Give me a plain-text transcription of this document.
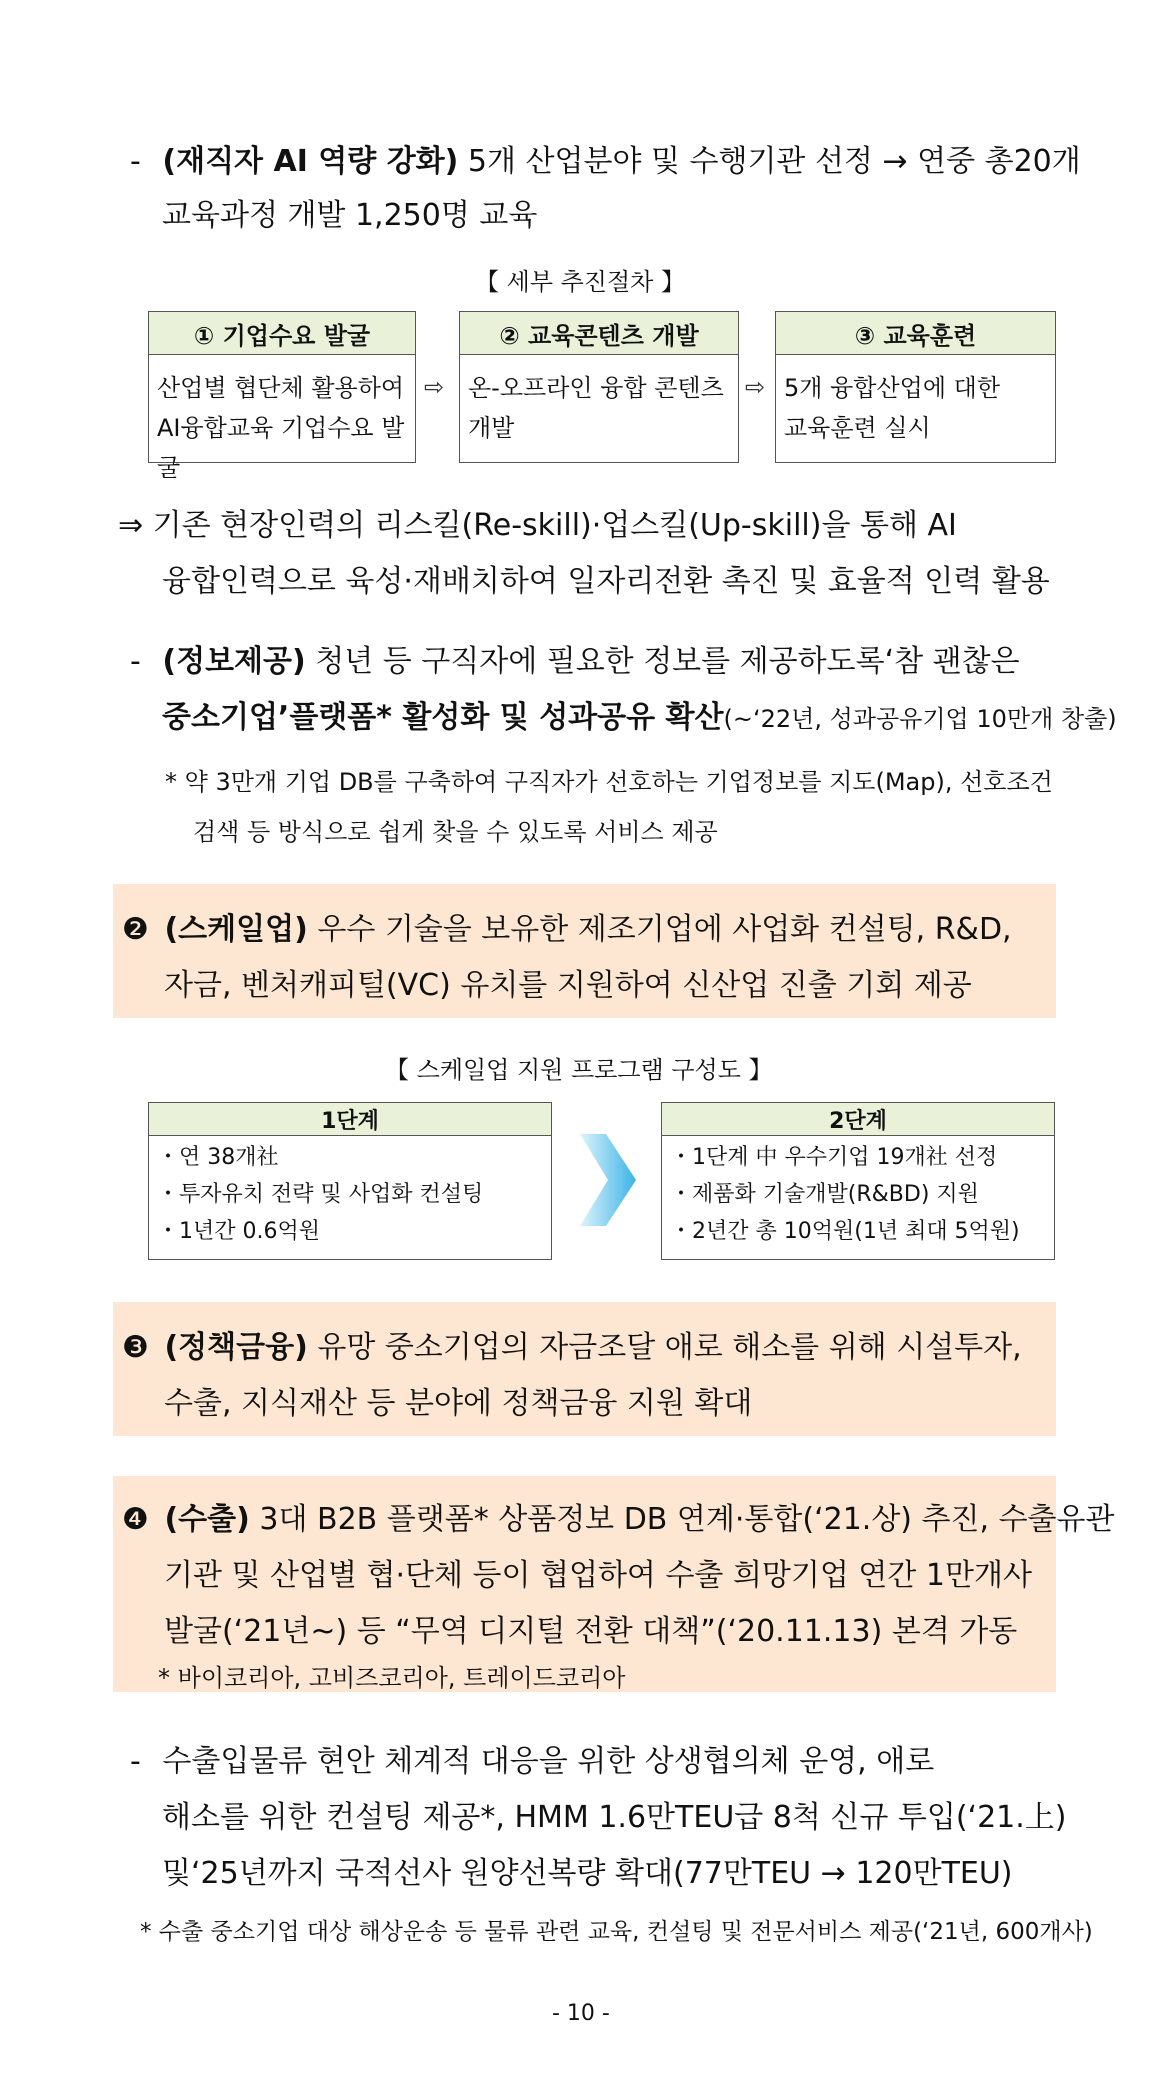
- (재직자 AI 역량 강화) 5개 산업분야 및 수행기관 선정 → 연중 총20개
교육과정 개발 1,250명 교육
【 세부 추진절차 】
① 기업수요 발굴
산업별 협단체 활용하여
AI융합교육 기업수요 발굴
⇨
② 교육콘텐츠 개발
온-오프라인 융합 콘텐츠
개발
⇨
③ 교육훈련
5개 융합산업에 대한
교육훈련 실시
⇒ 기존 현장인력의 리스킬(Re-skill)·업스킬(Up-skill)을 통해 AI
융합인력으로 육성·재배치하여 일자리전환 촉진 및 효율적 인력 활용
- (정보제공) 청년 등 구직자에 필요한 정보를 제공하도록‘참 괜찮은
중소기업’플랫폼* 활성화 및 성과공유 확산(~‘22년, 성과공유기업 10만개 창출)
* 약 3만개 기업 DB를 구축하여 구직자가 선호하는 기업정보를 지도(Map), 선호조건
검색 등 방식으로 쉽게 찾을 수 있도록 서비스 제공
❷ (스케일업) 우수 기술을 보유한 제조기업에 사업화 컨설팅, R&D,
자금, 벤처캐피털(VC) 유치를 지원하여 신산업 진출 기회 제공
【 스케일업 지원 프로그램 구성도 】
1단계
・연 38개社
・투자유치 전략 및 사업화 컨설팅
・1년간 0.6억원
2단계
・1단계 中 우수기업 19개社 선정
・제품화 기술개발(R&BD) 지원
・2년간 총 10억원(1년 최대 5억원)
❸ (정책금융) 유망 중소기업의 자금조달 애로 해소를 위해 시설투자,
수출, 지식재산 등 분야에 정책금융 지원 확대
❹ (수출) 3대 B2B 플랫폼* 상품정보 DB 연계·통합(‘21.상) 추진, 수출유관
기관 및 산업별 협·단체 등이 협업하여 수출 희망기업 연간 1만개사
발굴(‘21년~) 등 “무역 디지털 전환 대책”(‘20.11.13) 본격 가동
* 바이코리아, 고비즈코리아, 트레이드코리아
- 수출입물류 현안 체계적 대응을 위한 상생협의체 운영, 애로
해소를 위한 컨설팅 제공*, HMM 1.6만TEU급 8척 신규 투입(‘21.上)
및‘25년까지 국적선사 원양선복량 확대(77만TEU → 120만TEU)
* 수출 중소기업 대상 해상운송 등 물류 관련 교육, 컨설팅 및 전문서비스 제공(‘21년, 600개사)
- 10 -
